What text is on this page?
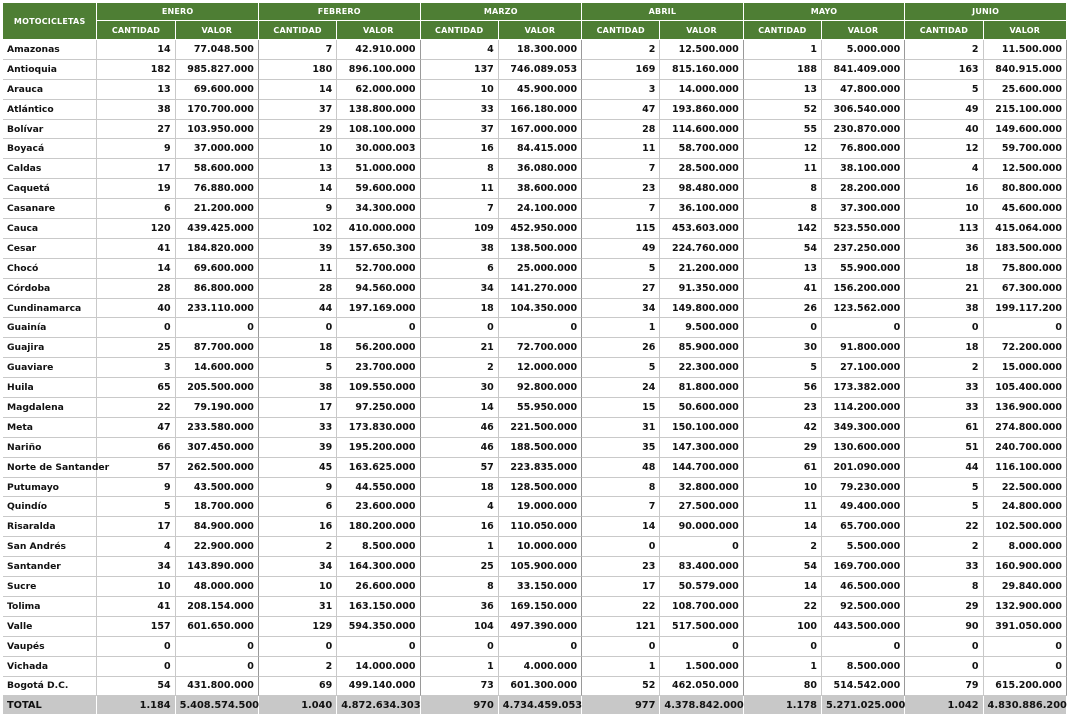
MOTOCICLETAS	ENERO		FEBRERO		MARZO		ABRIL		MAYO		JUNIO	
	CANTIDAD	VALOR	CANTIDAD	VALOR	CANTIDAD	VALOR	CANTIDAD	VALOR	CANTIDAD	VALOR	CANTIDAD	VALOR
Amazonas	14	77.048.500	7	42.910.000	4	18.300.000	2	12.500.000	1	5.000.000	2	11.500.000
Antioquia	182	985.827.000	180	896.100.000	137	746.089.053	169	815.160.000	188	841.409.000	163	840.915.000
Arauca	13	69.600.000	14	62.000.000	10	45.900.000	3	14.000.000	13	47.800.000	5	25.600.000
Atlántico	38	170.700.000	37	138.800.000	33	166.180.000	47	193.860.000	52	306.540.000	49	215.100.000
Bolívar	27	103.950.000	29	108.100.000	37	167.000.000	28	114.600.000	55	230.870.000	40	149.600.000
Boyacá	9	37.000.000	10	30.000.003	16	84.415.000	11	58.700.000	12	76.800.000	12	59.700.000
Caldas	17	58.600.000	13	51.000.000	8	36.080.000	7	28.500.000	11	38.100.000	4	12.500.000
Caquetá	19	76.880.000	14	59.600.000	11	38.600.000	23	98.480.000	8	28.200.000	16	80.800.000
Casanare	6	21.200.000	9	34.300.000	7	24.100.000	7	36.100.000	8	37.300.000	10	45.600.000
Cauca	120	439.425.000	102	410.000.000	109	452.950.000	115	453.603.000	142	523.550.000	113	415.064.000
Cesar	41	184.820.000	39	157.650.300	38	138.500.000	49	224.760.000	54	237.250.000	36	183.500.000
Chocó	14	69.600.000	11	52.700.000	6	25.000.000	5	21.200.000	13	55.900.000	18	75.800.000
Córdoba	28	86.800.000	28	94.560.000	34	141.270.000	27	91.350.000	41	156.200.000	21	67.300.000
Cundinamarca	40	233.110.000	44	197.169.000	18	104.350.000	34	149.800.000	26	123.562.000	38	199.117.200
Guainía	0	0	0	0	0	0	1	9.500.000	0	0	0	0
Guajira	25	87.700.000	18	56.200.000	21	72.700.000	26	85.900.000	30	91.800.000	18	72.200.000
Guaviare	3	14.600.000	5	23.700.000	2	12.000.000	5	22.300.000	5	27.100.000	2	15.000.000
Huila	65	205.500.000	38	109.550.000	30	92.800.000	24	81.800.000	56	173.382.000	33	105.400.000
Magdalena	22	79.190.000	17	97.250.000	14	55.950.000	15	50.600.000	23	114.200.000	33	136.900.000
Meta	47	233.580.000	33	173.830.000	46	221.500.000	31	150.100.000	42	349.300.000	61	274.800.000
Nariño	66	307.450.000	39	195.200.000	46	188.500.000	35	147.300.000	29	130.600.000	51	240.700.000
Norte de Santander	57	262.500.000	45	163.625.000	57	223.835.000	48	144.700.000	61	201.090.000	44	116.100.000
Putumayo	9	43.500.000	9	44.550.000	18	128.500.000	8	32.800.000	10	79.230.000	5	22.500.000
Quindío	5	18.700.000	6	23.600.000	4	19.000.000	7	27.500.000	11	49.400.000	5	24.800.000
Risaralda	17	84.900.000	16	180.200.000	16	110.050.000	14	90.000.000	14	65.700.000	22	102.500.000
San Andrés	4	22.900.000	2	8.500.000	1	10.000.000	0	0	2	5.500.000	2	8.000.000
Santander	34	143.890.000	34	164.300.000	25	105.900.000	23	83.400.000	54	169.700.000	33	160.900.000
Sucre	10	48.000.000	10	26.600.000	8	33.150.000	17	50.579.000	14	46.500.000	8	29.840.000
Tolima	41	208.154.000	31	163.150.000	36	169.150.000	22	108.700.000	22	92.500.000	29	132.900.000
Valle	157	601.650.000	129	594.350.000	104	497.390.000	121	517.500.000	100	443.500.000	90	391.050.000
Vaupés	0	0	0	0	0	0	0	0	0	0	0	0
Vichada	0	0	2	14.000.000	1	4.000.000	1	1.500.000	1	8.500.000	0	0
Bogotá D.C.	54	431.800.000	69	499.140.000	73	601.300.000	52	462.050.000	80	514.542.000	79	615.200.000
TOTAL	1.184	5.408.574.500	1.040	4.872.634.303	970	4.734.459.053	977	4.378.842.000	1.178	5.271.025.000	1.042	4.830.886.200
